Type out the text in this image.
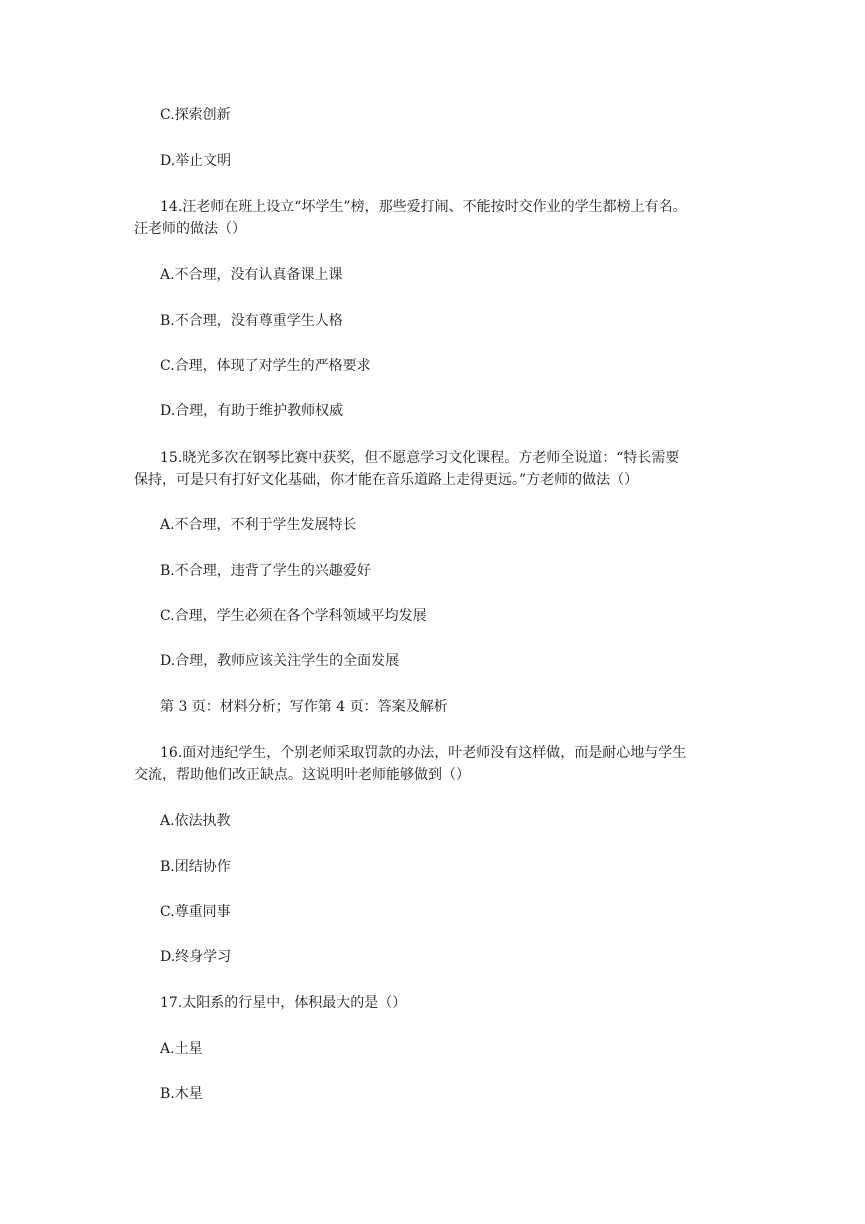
C.探索创新
D.举止文明
14.汪老师在班上设立“坏学生”榜，那些爱打闹、不能按时交作业的学生都榜上有名。
汪老师的做法（）
A.不合理，没有认真备课上课
B.不合理，没有尊重学生人格
C.合理，体现了对学生的严格要求
D.合理，有助于维护教师权威
15.晓光多次在钢琴比赛中获奖，但不愿意学习文化课程。方老师全说道：“特长需要
保持，可是只有打好文化基础，你才能在音乐道路上走得更远。”方老师的做法（）
A.不合理，不利于学生发展特长
B.不合理，违背了学生的兴趣爱好
C.合理，学生必须在各个学科领域平均发展
D.合理，教师应该关注学生的全面发展
第 3 页：材料分析；写作第 4 页：答案及解析
16.面对违纪学生，个别老师采取罚款的办法，叶老师没有这样做，而是耐心地与学生
交流，帮助他们改正缺点。这说明叶老师能够做到（）
A.依法执教
B.团结协作
C.尊重同事
D.终身学习
17.太阳系的行星中，体积最大的是（）
A.土星
B.木星
